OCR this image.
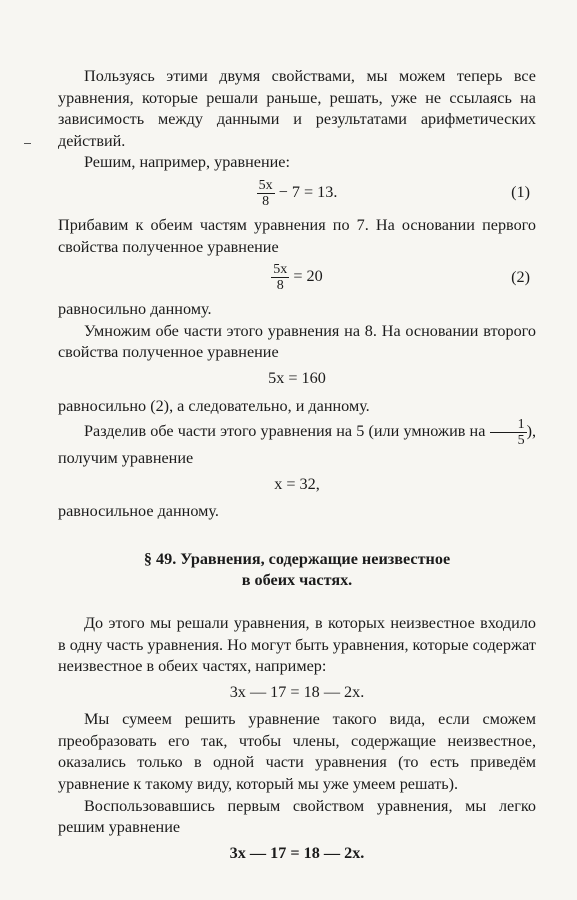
Пользуясь этими двумя свойствами, мы можем теперь все уравнения, которые решали раньше, решать, уже не ссылаясь на зависимость между данными и результатами арифметических действий.

Решим, например, уравнение:

$\frac{5x}{8} - 7 = 13$.	(1)

Прибавим к обеим частям уравнения по 7. На основании первого свойства полученное уравнение

$\frac{5x}{8} = 20$	(2)

равносильно данному.

Умножим обе части этого уравнения на 8. На основании второго свойства полученное уравнение

5x = 160

равносильно (2), а следовательно, и данному.

Разделив обе части этого уравнения на 5 (или умножив на $\frac{1}{5}$ ), получим уравнение

x = 32,

равносильное данному.

§ 49. Уравнения, содержащие неизвестное
в обеих частях.

До этого мы решали уравнения, в которых неизвестное входило в одну часть уравнения. Но могут быть уравнения, которые содержат неизвестное в обеих частях, например:

3x — 17 = 18 — 2x.

Мы сумеем решить уравнение такого вида, если сможем преобразовать его так, чтобы члены, содержащие неизвестное, оказались только в одной части уравнения (то есть приведём уравнение к такому виду, который мы уже умеем решать).

Воспользовавшись первым свойством уравнения, мы легко решим уравнение

3x — 17 = 18 — 2x.
